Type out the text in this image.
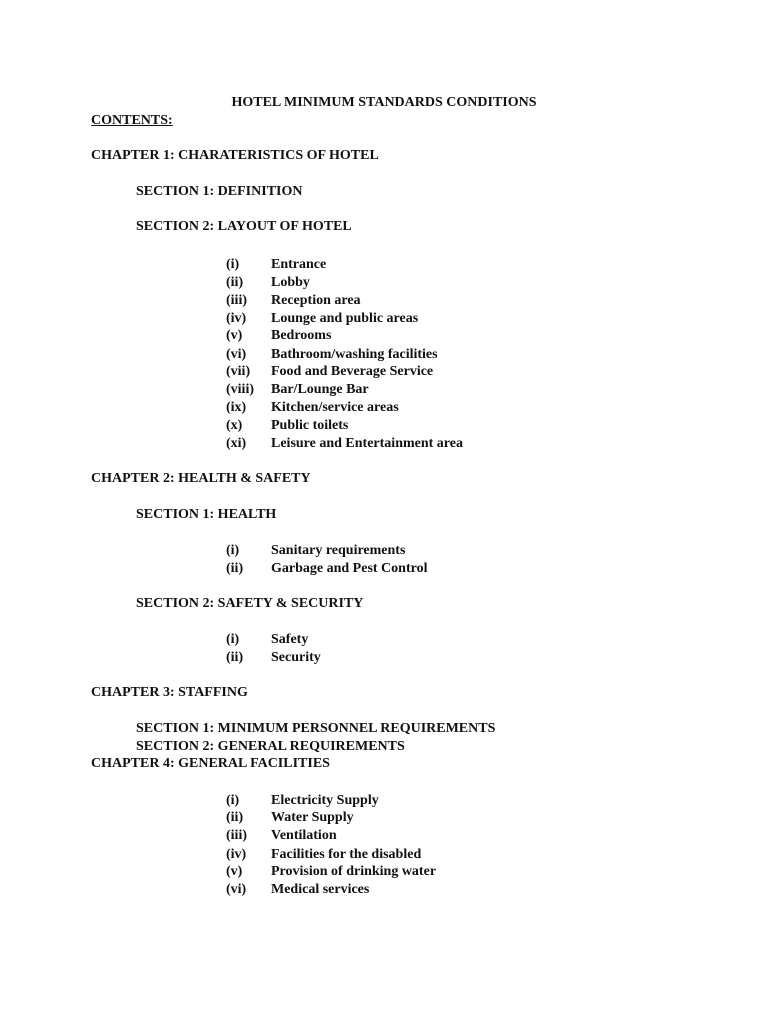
HOTEL MINIMUM STANDARDS CONDITIONS
CONTENTS:
CHAPTER 1: CHARATERISTICS OF HOTEL
SECTION 1: DEFINITION
SECTION 2: LAYOUT OF HOTEL
(i) Entrance
(ii) Lobby
(iii) Reception area
(iv) Lounge and public areas
(v) Bedrooms
(vi) Bathroom/washing facilities
(vii) Food and Beverage Service
(viii) Bar/Lounge Bar
(ix) Kitchen/service areas
(x) Public toilets
(xi) Leisure and Entertainment area
CHAPTER 2: HEALTH & SAFETY
SECTION 1: HEALTH
(i) Sanitary requirements
(ii) Garbage and Pest Control
SECTION 2: SAFETY & SECURITY
(i) Safety
(ii) Security
CHAPTER 3: STAFFING
SECTION 1: MINIMUM PERSONNEL REQUIREMENTS
SECTION 2: GENERAL REQUIREMENTS
CHAPTER 4: GENERAL FACILITIES
(i) Electricity Supply
(ii) Water Supply
(iii) Ventilation
(iv) Facilities for the disabled
(v) Provision of drinking water
(vi) Medical services
